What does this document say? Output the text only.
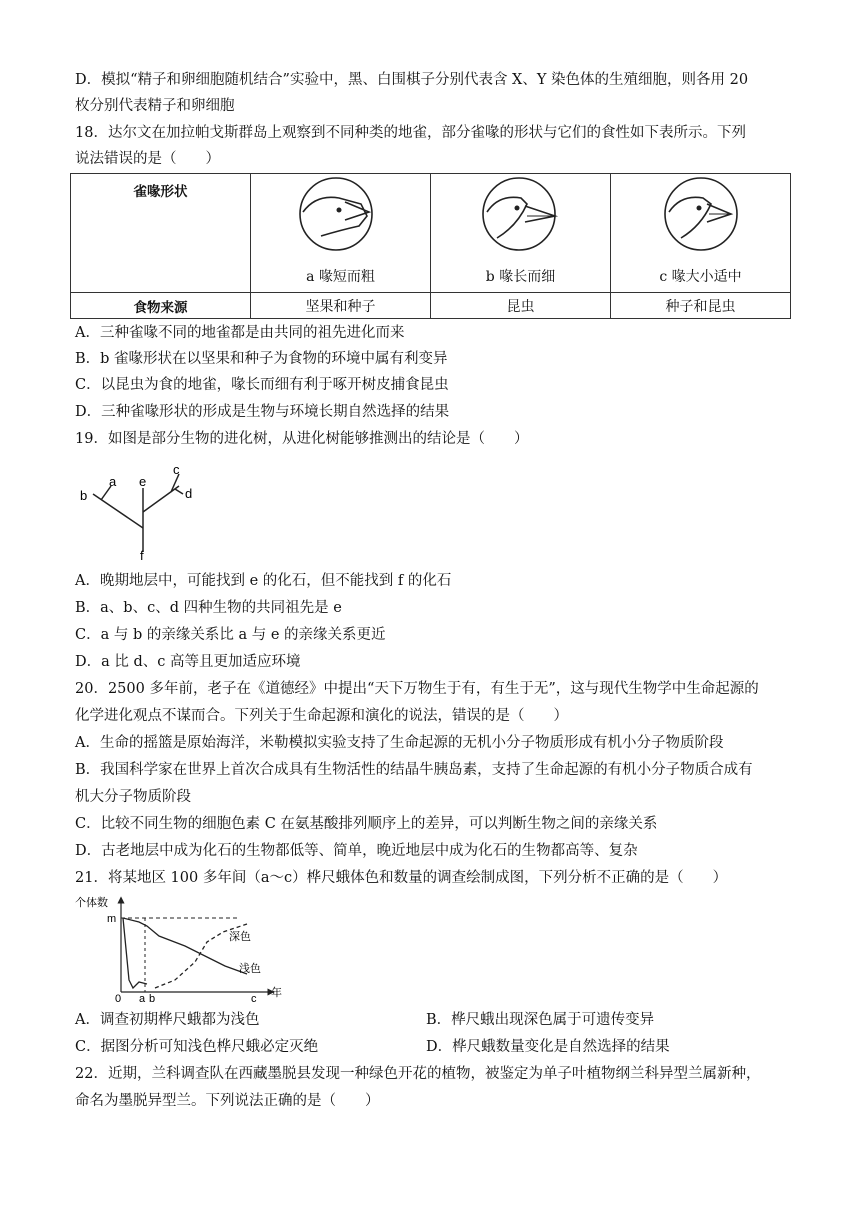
D．模拟“精子和卵细胞随机结合”实验中，黑、白围棋子分别代表含 X、Y 染色体的生殖细胞，则各用 20
枚分别代表精子和卵细胞
18．达尔文在加拉帕戈斯群岛上观察到不同种类的地雀，部分雀喙的形状与它们的食性如下表所示。下列
说法错误的是（　　）
雀喙形状	a 喙短而粗	b 喙长而细	c 喙大小适中

食物来源	坚果和种子	昆虫	种子和昆虫
A．三种雀喙不同的地雀都是由共同的祖先进化而来
B．b 雀喙形状在以坚果和种子为食物的环境中属有利变异
C．以昆虫为食的地雀，喙长而细有利于啄开树皮捕食昆虫
D．三种雀喙形状的形成是生物与环境长期自然选择的结果
19．如图是部分生物的进化树，从进化树能够推测出的结论是（　　）
b
a e
c
d
f
A．晚期地层中，可能找到 e 的化石，但不能找到 f 的化石
B．a、b、c、d 四种生物的共同祖先是 e
C．a 与 b 的亲缘关系比 a 与 e 的亲缘关系更近
D．a 比 d、c 高等且更加适应环境
20．2500 多年前，老子在《道德经》中提出“天下万物生于有，有生于无”，这与现代生物学中生命起源的
化学进化观点不谋而合。下列关于生命起源和演化的说法，错误的是（　　）
A．生命的摇篮是原始海洋，米勒模拟实验支持了生命起源的无机小分子物质形成有机小分子物质阶段
B．我国科学家在世界上首次合成具有生物活性的结晶牛胰岛素，支持了生命起源的有机小分子物质合成有
机大分子物质阶段
C．比较不同生物的细胞色素 C 在氨基酸排列顺序上的差异，可以判断生物之间的亲缘关系
D．古老地层中成为化石的生物都低等、简单，晚近地层中成为化石的生物都高等、复杂
21．将某地区 100 多年间（a～c）桦尺蛾体色和数量的调查绘制成图，下列分析不正确的是（　　）
个体数
m
0 a b	c 年
深色
浅色
A．调查初期桦尺蛾都为浅色	B．桦尺蛾出现深色属于可遗传变异
C．据图分析可知浅色桦尺蛾必定灭绝	D．桦尺蛾数量变化是自然选择的结果
22．近期，兰科调查队在西藏墨脱县发现一种绿色开花的植物，被鉴定为单子叶植物纲兰科异型兰属新种，
命名为墨脱异型兰。下列说法正确的是（　　）
